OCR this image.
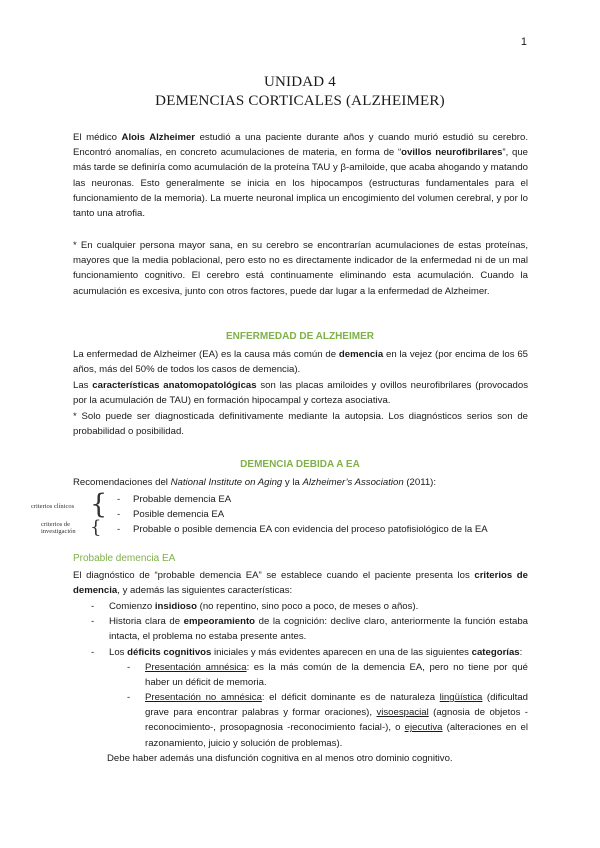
1
UNIDAD 4
DEMENCIAS CORTICALES (ALZHEIMER)

El médico Alois Alzheimer estudió a una paciente durante años y cuando murió estudió su cerebro. Encontró anomalías, en concreto acumulaciones de materia, en forma de “ovillos neurofibrilares”, que más tarde se definiría como acumulación de la proteína TAU y β-amiloide, que acaba ahogando y matando las neuronas. Esto generalmente se inicia en los hipocampos (estructuras fundamentales para el funcionamiento de la memoria). La muerte neuronal implica un encogimiento del volumen cerebral, y por lo tanto una atrofia.

* En cualquier persona mayor sana, en su cerebro se encontrarían acumulaciones de estas proteínas, mayores que la media poblacional, pero esto no es directamente indicador de la enfermedad ni de un mal funcionamiento cognitivo. El cerebro está continuamente eliminando esta acumulación. Cuando la acumulación es excesiva, junto con otros factores, puede dar lugar a la enfermedad de Alzheimer.

ENFERMEDAD DE ALZHEIMER

La enfermedad de Alzheimer (EA) es la causa más común de demencia en la vejez (por encima de los 65 años, más del 50% de todos los casos de demencia).

Las características anatomopatológicas son las placas amiloides y ovillos neurofibrilares (provocados por la acumulación de TAU) en formación hipocampal y corteza asociativa.

* Solo puede ser diagnosticada definitivamente mediante la autopsia. Los diagnósticos serios son de probabilidad o posibilidad.

DEMENCIA DEBIDA A EA
Recomendaciones del National Institute on Aging y la Alzheimer’s Association (2011):
criterios clínicos {
criterios de
investigación {
- Probable demencia EA
- Posible demencia EA
- Probable o posible demencia EA con evidencia del proceso patofisiológico de la EA
Probable demencia EA

El diagnóstico de “probable demencia EA” se establece cuando el paciente presenta los criterios de demencia, y además las siguientes características:

- Comienzo insidioso (no repentino, sino poco a poco, de meses o años).
- Historia clara de empeoramiento de la cognición: declive claro, anteriormente la función estaba intacta, el problema no estaba presente antes.
- Los déficits cognitivos iniciales y más evidentes aparecen en una de las siguientes categorías:
- Presentación amnésica: es la más común de la demencia EA, pero no tiene por qué haber un déficit de memoria.
- Presentación no amnésica: el déficit dominante es de naturaleza lingüística (dificultad grave para encontrar palabras y formar oraciones), visoespacial (agnosia de objetos -reconocimiento-, prosopagnosia -reconocimiento facial-), o ejecutiva (alteraciones en el razonamiento, juicio y solución de problemas).
Debe haber además una disfunción cognitiva en al menos otro dominio cognitivo.
